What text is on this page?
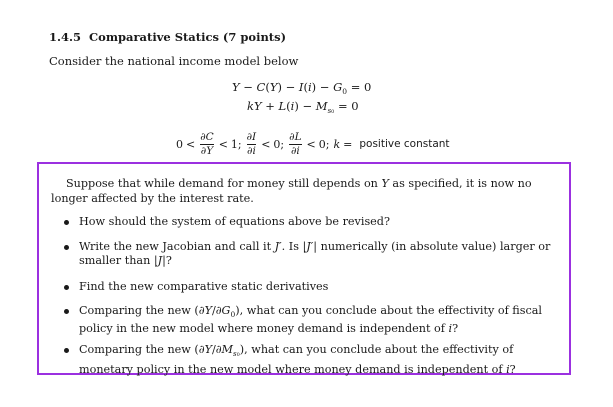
1.4.5 Comparative Statics (7 points)
Consider the national income model below
$Y - C(Y) - I(i) - G_0 = 0$
kY + $L(i) - M_{s0} = 0$
$0 < \frac{\partial C}{\partial Y} < 1$; $\frac{\partial I}{\partial i} < 0$; $\frac{\partial L}{\partial i} < 0$; k = positive constant
Suppose that while demand for money still depends on Y as specified, it is now no longer affected by the interest rate.
How should the system of equations above be revised?
Write the new Jacobian and call it J′. Is |J′| numerically (in absolute value) larger or smaller than |J|?
Find the new comparative static derivatives
Comparing the new $(\partial Y/\partial G_0)$, what can you conclude about the effectivity of fiscal policy in the new model where money demand is independent of i?
Comparing the new $(\partial Y/\partial M_{s0})$, what can you conclude about the effectivity of monetary policy in the new model where money demand is independent of i?
